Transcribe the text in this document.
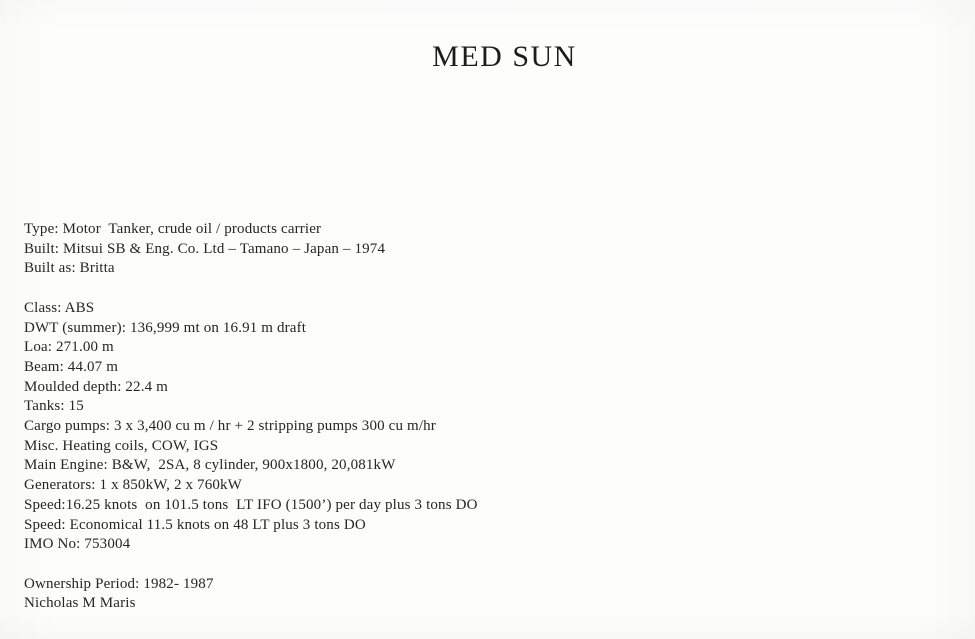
MED SUN
Type: Motor  Tanker, crude oil / products carrier
Built: Mitsui SB & Eng. Co. Ltd – Tamano – Japan – 1974
Built as: Britta
Class: ABS
DWT (summer): 136,999 mt on 16.91 m draft
Loa: 271.00 m
Beam: 44.07 m
Moulded depth: 22.4 m
Tanks: 15
Cargo pumps: 3 x 3,400 cu m / hr + 2 stripping pumps 300 cu m/hr
Misc. Heating coils, COW, IGS
Main Engine: B&W,  2SA, 8 cylinder, 900x1800, 20,081kW
Generators: 1 x 850kW, 2 x 760kW
Speed:16.25 knots  on 101.5 tons  LT IFO (1500’) per day plus 3 tons DO
Speed: Economical 11.5 knots on 48 LT plus 3 tons DO
IMO No: 753004
Ownership Period: 1982- 1987
Nicholas M Maris
